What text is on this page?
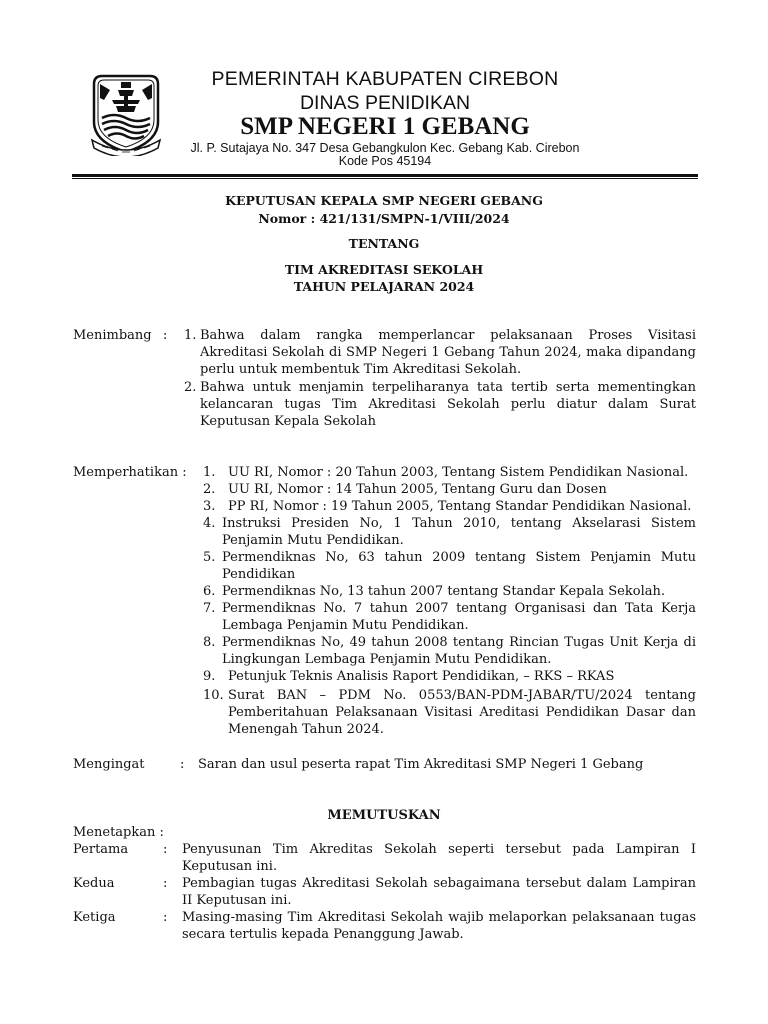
PEMERINTAH KABUPATEN CIREBON
DINAS PENIDIKAN
SMP NEGERI 1 GEBANG
Jl. P. Sutajaya No. 347 Desa Gebangkulon Kec. Gebang Kab. Cirebon
Kode Pos 45194
KEPUTUSAN KEPALA SMP NEGERI GEBANG
Nomor : 421/131/SMPN-1/VIII/2024
TENTANG
TIM AKREDITASI SEKOLAH
TAHUN PELAJARAN 2024
Menimbang : 1. Bahwa dalam rangka memperlancar pelaksanaan Proses Visitasi Akreditasi Sekolah di SMP Negeri 1 Gebang Tahun 2024, maka dipandang perlu untuk membentuk Tim Akreditasi Sekolah.
2. Bahwa untuk menjamin terpeliharanya tata tertib serta mementingkan kelancaran tugas Tim Akreditasi Sekolah perlu diatur dalam Surat Keputusan Kepala Sekolah
Memperhatikan : 1. UU RI, Nomor : 20 Tahun 2003, Tentang Sistem Pendidikan Nasional.
2. UU RI, Nomor : 14 Tahun 2005, Tentang Guru dan Dosen
3. PP RI, Nomor : 19 Tahun 2005, Tentang Standar Pendidikan Nasional.
4. Instruksi Presiden No, 1 Tahun 2010, tentang Akselarasi Sistem Penjamin Mutu Pendidikan.
5. Permendiknas No, 63 tahun 2009 tentang Sistem Penjamin Mutu Pendidikan
6. Permendiknas No, 13 tahun 2007 tentang Standar Kepala Sekolah.
7. Permendiknas No. 7 tahun 2007 tentang Organisasi dan Tata Kerja Lembaga Penjamin Mutu Pendidikan.
8. Permendiknas No, 49 tahun 2008 tentang Rincian Tugas Unit Kerja di Lingkungan Lembaga Penjamin Mutu Pendidikan.
9. Petunjuk Teknis Analisis Raport Pendidikan, – RKS – RKAS
10. Surat BAN – PDM No. 0553/BAN-PDM-JABAR/TU/2024 tentang Pemberitahuan Pelaksanaan Visitasi Areditasi Pendidikan Dasar dan Menengah Tahun 2024.
Mengingat	: Saran dan usul peserta rapat Tim Akreditasi SMP Negeri 1 Gebang
MEMUTUSKAN
Menetapkan :
Pertama	: Penyusunan Tim Akreditas Sekolah seperti tersebut pada Lampiran I Keputusan ini.
Kedua	: Pembagian tugas Akreditasi Sekolah sebagaimana tersebut dalam Lampiran II Keputusan ini.
Ketiga	: Masing-masing Tim Akreditasi Sekolah wajib melaporkan pelaksanaan tugas secara tertulis kepada Penanggung Jawab.
